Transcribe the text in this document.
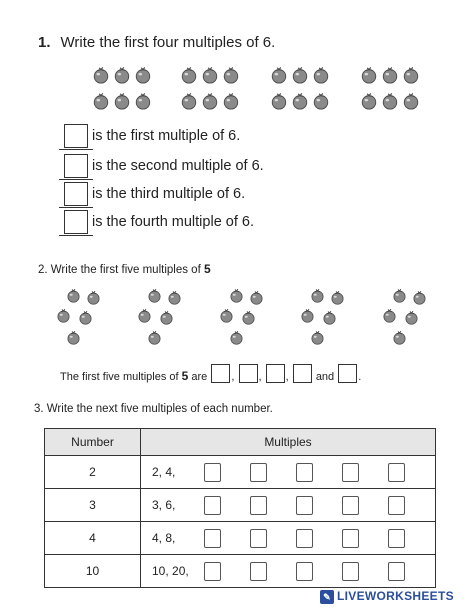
1. Write the first four multiples of 6.
is the first multiple of 6.
is the second multiple of 6.
is the third multiple of 6.
is the fourth multiple of 6.
2. Write the first five multiples of 5
The first five multiples of 5 are , , ,  and .
3. Write the next five multiples of each number.
Number	Multiples
2	2, 4,

3	3, 6,

4	4, 8,

10	10, 20,
✎ LIVEWORKSHEETS
